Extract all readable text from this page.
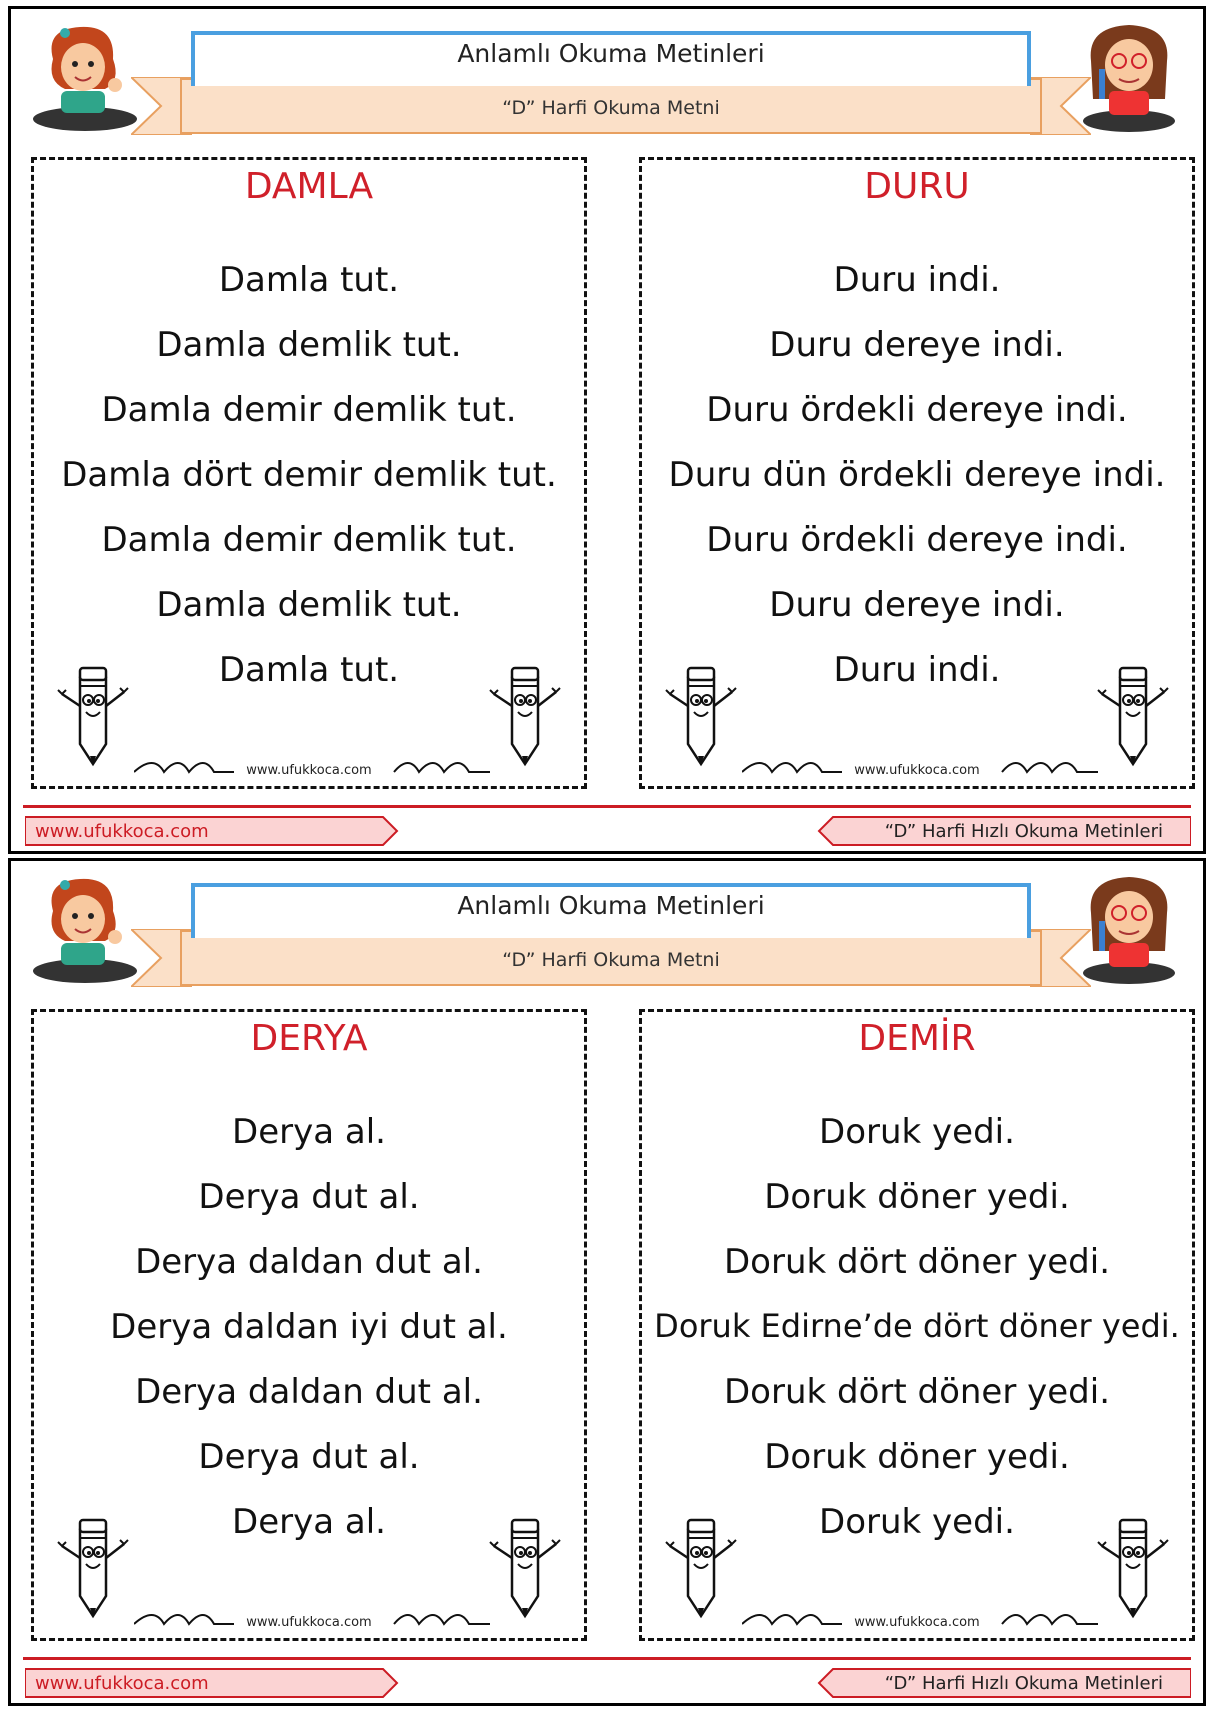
Anlamlı Okuma Metinleri
“D” Harfi Okuma Metni
DAMLA
Damla tut.
Damla demlik tut.
Damla demir demlik tut.
Damla dört demir demlik tut.
Damla demir demlik tut.
Damla demlik tut.
Damla tut.
www.ufukkoca.com
DURU
Duru indi.
Duru dereye indi.
Duru ördekli dereye indi.
Duru dün ördekli dereye indi.
Duru ördekli dereye indi.
Duru dereye indi.
Duru indi.
www.ufukkoca.com
www.ufukkoca.com	“D” Harfi Hızlı Okuma Metinleri
Anlamlı Okuma Metinleri
“D” Harfi Okuma Metni
DERYA
Derya al.
Derya dut al.
Derya daldan dut al.
Derya daldan iyi dut al.
Derya daldan dut al.
Derya dut al.
Derya al.
www.ufukkoca.com
DEMİR
Doruk yedi.
Doruk döner yedi.
Doruk dört döner yedi.
Doruk Edirne’de dört döner yedi.
Doruk dört döner yedi.
Doruk döner yedi.
Doruk yedi.
www.ufukkoca.com
www.ufukkoca.com	“D” Harfi Hızlı Okuma Metinleri
